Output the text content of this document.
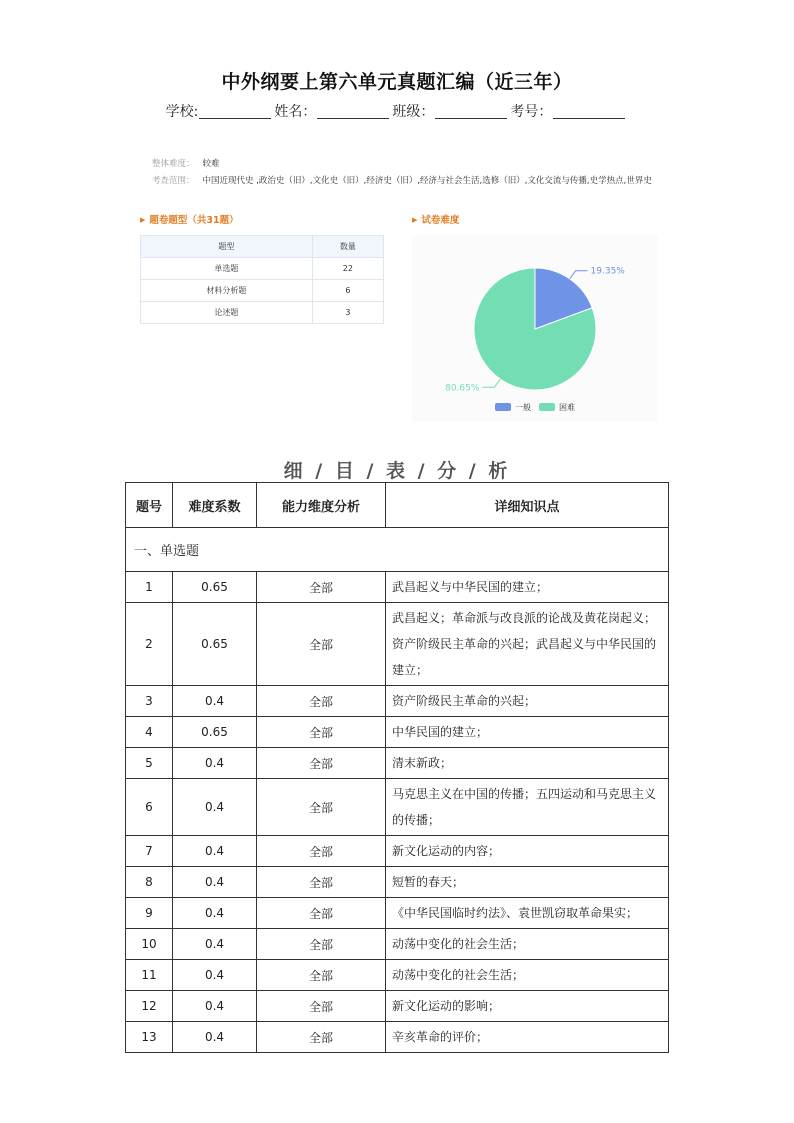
中外纲要上第六单元真题汇编（近三年）
学校:	姓名：	班级：	考号：
整体难度： 较难
考查范围： 中国近现代史 ,政治史（旧）,文化史（旧）,经济史（旧）,经济与社会生活,选修（旧）,文化交流与传播,史学热点,世界史
▶ 题卷题型（共31题）	▶ 试卷难度
题型	数量
单选题	22
材料分析题	6
论述题	3
19.35%
80.65%
一般	困难
细 / 目 / 表 / 分 / 析
题号	难度系数	能力维度分析	详细知识点
一、单选题			
1	0.65	全部	武昌起义与中华民国的建立；

2	0.65	全部	武昌起义；革命派与改良派的论战及黄花岗起义；
资产阶级民主革命的兴起；武昌起义与中华民国的
建立；

3	0.4	全部	资产阶级民主革命的兴起；

4	0.65	全部	中华民国的建立；

5	0.4	全部	清末新政；

6	0.4	全部	马克思主义在中国的传播；五四运动和马克思主义
的传播；

7	0.4	全部	新文化运动的内容；

8	0.4	全部	短暂的春天；

9	0.4	全部	《中华民国临时约法》、袁世凯窃取革命果实；

10	0.4	全部	动荡中变化的社会生活；

11	0.4	全部	动荡中变化的社会生活；

12	0.4	全部	新文化运动的影响；

13	0.4	全部	辛亥革命的评价；
